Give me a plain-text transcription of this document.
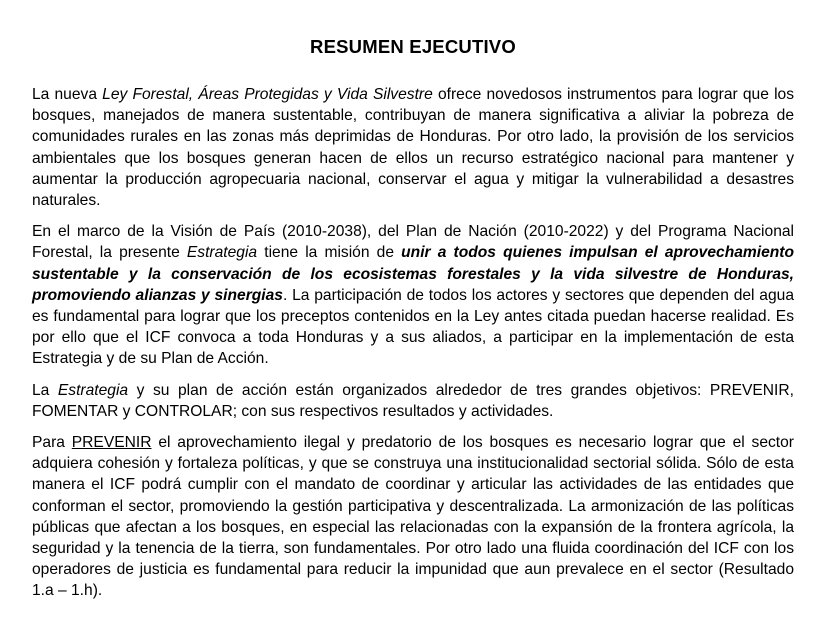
RESUMEN EJECUTIVO

La nueva Ley Forestal, Áreas Protegidas y Vida Silvestre ofrece novedosos instrumentos para lograr que los bosques, manejados de manera sustentable, contribuyan de manera significativa a aliviar la pobreza de comunidades rurales en las zonas más deprimidas de Honduras. Por otro lado, la provisión de los servicios ambientales que los bosques generan hacen de ellos un recurso estratégico nacional para mantener y aumentar la producción agropecuaria nacional, conservar el agua y mitigar la vulnerabilidad a desastres naturales.

En el marco de la Visión de País (2010-2038), del Plan de Nación (2010-2022) y del Programa Nacional Forestal, la presente Estrategia tiene la misión de unir a todos quienes impulsan el aprovechamiento sustentable y la conservación de los ecosistemas forestales y la vida silvestre de Honduras, promoviendo alianzas y sinergias. La participación de todos los actores y sectores que dependen del agua es fundamental para lograr que los preceptos contenidos en la Ley antes citada puedan hacerse realidad. Es por ello que el ICF convoca a toda Honduras y a sus aliados, a participar en la implementación de esta Estrategia y de su Plan de Acción.

La Estrategia y su plan de acción están organizados alrededor de tres grandes objetivos: PREVENIR, FOMENTAR y CONTROLAR; con sus respectivos resultados y actividades.

Para PREVENIR el aprovechamiento ilegal y predatorio de los bosques es necesario lograr que el sector adquiera cohesión y fortaleza políticas, y que se construya una institucionalidad sectorial sólida. Sólo de esta manera el ICF podrá cumplir con el mandato de coordinar y articular las actividades de las entidades que conforman el sector, promoviendo la gestión participativa y descentralizada. La armonización de las políticas públicas que afectan a los bosques, en especial las relacionadas con la expansión de la frontera agrícola, la seguridad y la tenencia de la tierra, son fundamentales. Por otro lado una fluida coordinación del ICF con los operadores de justicia es fundamental para reducir la impunidad que aun prevalece en el sector (Resultado 1.a – 1.h).
